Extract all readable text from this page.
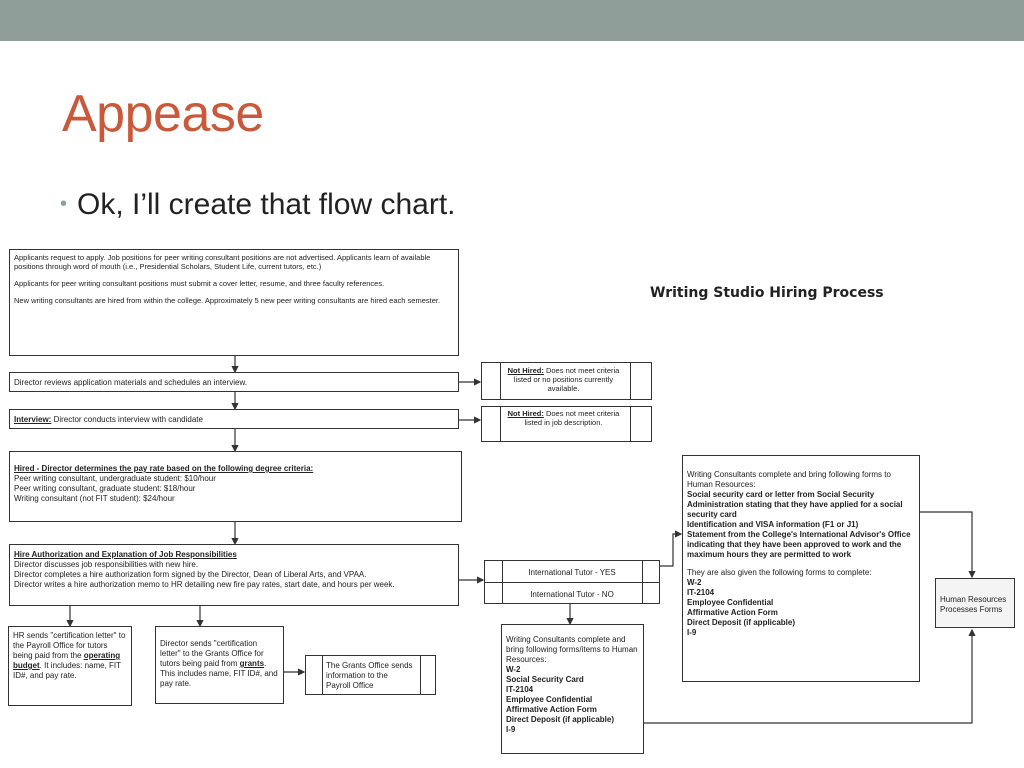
Appease
• Ok, I’ll create that flow chart.
Writing Studio Hiring Process

Applicants request to apply. Job positions for peer writing consultant positions are not advertised. Applicants learn of available positions through word of mouth (i.e., Presidential Scholars, Student Life, current tutors, etc.)

Applicants for peer writing consultant positions must submit a cover letter, resume, and three faculty references.

New writing consultants are hired from within the college. Approximately 5 new peer writing consultants are hired each semester.

Director reviews application materials and schedules an interview.
Interview: Director conducts interview with candidate
Not Hired: Does not meet criteria listed or no positions currently available.
Not Hired: Does not meet criteria listed in job description.
Hired - Director determines the pay rate based on the following degree criteria:
Peer writing consultant, undergraduate student: $10/hour
Peer writing consultant, graduate student: $18/hour
Writing consultant (not FIT student): $24/hour
Hire Authorization and Explanation of Job Responsibilities
Director discusses job responsibilities with new hire.
Director completes a hire authorization form signed by the Director, Dean of Liberal Arts, and VPAA.
Director writes a hire authorization memo to HR detailing new fire pay rates, start date, and hours per week.
HR sends "certification letter" to the Payroll Office for tutors being paid from the operating budget. It includes: name, FIT ID#, and pay rate.
Director sends "certification letter" to the Grants Office for tutors being paid from grants. This includes name, FIT ID#, and pay rate.
The Grants Office sends information to the Payroll Office
International Tutor - YES
International Tutor - NO
Writing Consultants complete and bring following forms/items to Human Resources:
W-2
Social Security Card
IT-2104
Employee Confidential
Affirmative Action Form
Direct Deposit (if applicable)
I-9
Writing Consultants complete and bring following forms to Human Resources:
Social security card or letter from Social Security Administration stating that they have applied for a social security card
Identification and VISA information (F1 or J1)
Statement from the College's International Advisor's Office indicating that they have been approved to work and the maximum hours they are permitted to work
They are also given the following forms to complete:
W-2
IT-2104
Employee Confidential
Affirmative Action Form
Direct Deposit (if applicable)
I-9
Human Resources Processes Forms
